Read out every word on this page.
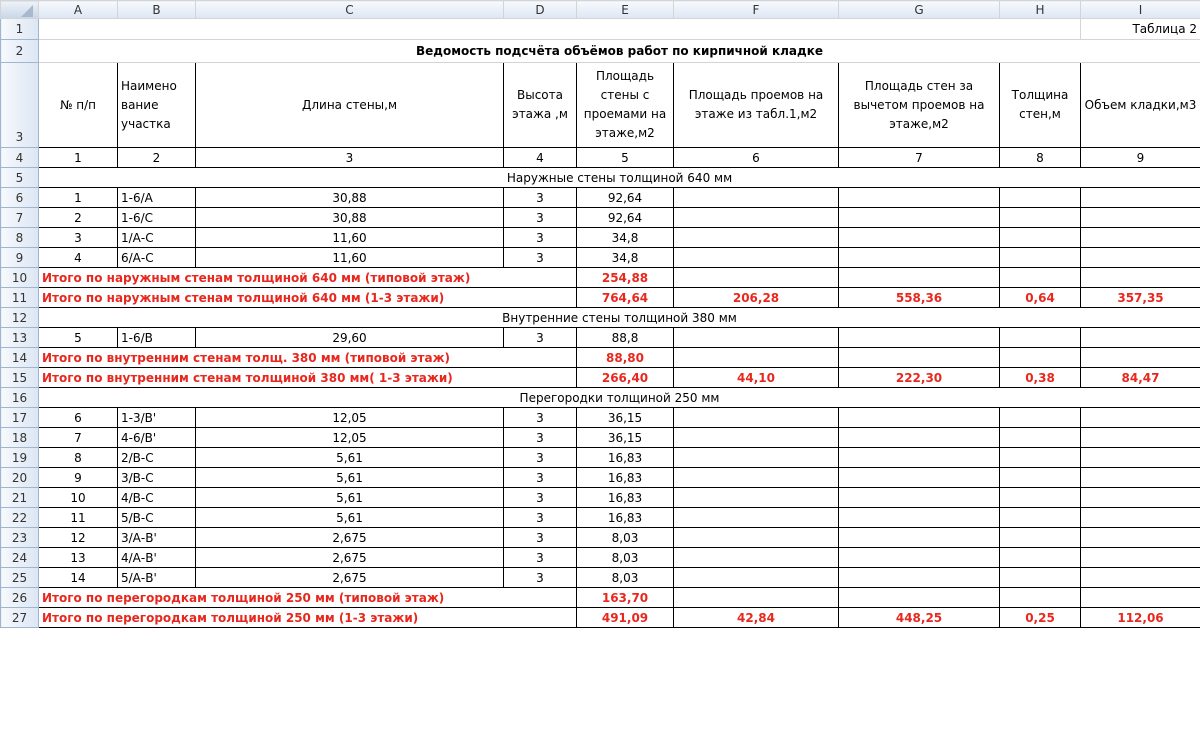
	A	B	C	D	E	F	G	H	I
1									Таблица 2
2	Ведомость подсчёта объёмов работ по кирпичной кладке								
3	№ п/п	Наимено вание участка	Длина стены,м	Высота этажа ,м	Площадь стены с проемами на этаже,м2	Площадь проемов на этаже из табл.1,м2	Площадь стен за вычетом проемов на этаже,м2	Толщина стен,м	Объем кладки,м3
4	1	2	3	4	5	6	7	8	9
5	Наружные стены толщиной 640 мм								
6	1	1-6/А	30,88	3	92,64				
7	2	1-6/С	30,88	3	92,64				
8	3	1/А-С	11,60	3	34,8				
9	4	6/А-С	11,60	3	34,8				
10	Итого по наружным стенам толщиной 640 мм (типовой этаж)				254,88				
11	Итого по наружным стенам толщиной 640 мм (1-3 этажи)				764,64	206,28	558,36	0,64	357,35
12	Внутренние стены толщиной 380 мм								
13	5	1-6/В	29,60	3	88,8				
14	Итого по внутренним стенам толщ. 380 мм (типовой этаж)				88,80				
15	Итого по внутренним стенам толщиной 380 мм( 1-3 этажи)				266,40	44,10	222,30	0,38	84,47
16	Перегородки толщиной 250 мм								
17	6	1-3/В'	12,05	3	36,15				
18	7	4-6/В'	12,05	3	36,15				
19	8	2/В-С	5,61	3	16,83				
20	9	3/В-С	5,61	3	16,83				
21	10	4/В-С	5,61	3	16,83				
22	11	5/В-С	5,61	3	16,83				
23	12	3/А-В'	2,675	3	8,03				
24	13	4/А-В'	2,675	3	8,03				
25	14	5/А-В'	2,675	3	8,03				
26	Итого по перегородкам толщиной 250 мм (типовой этаж)				163,70				
27	Итого по перегородкам толщиной 250 мм (1-3 этажи)				491,09	42,84	448,25	0,25	112,06
